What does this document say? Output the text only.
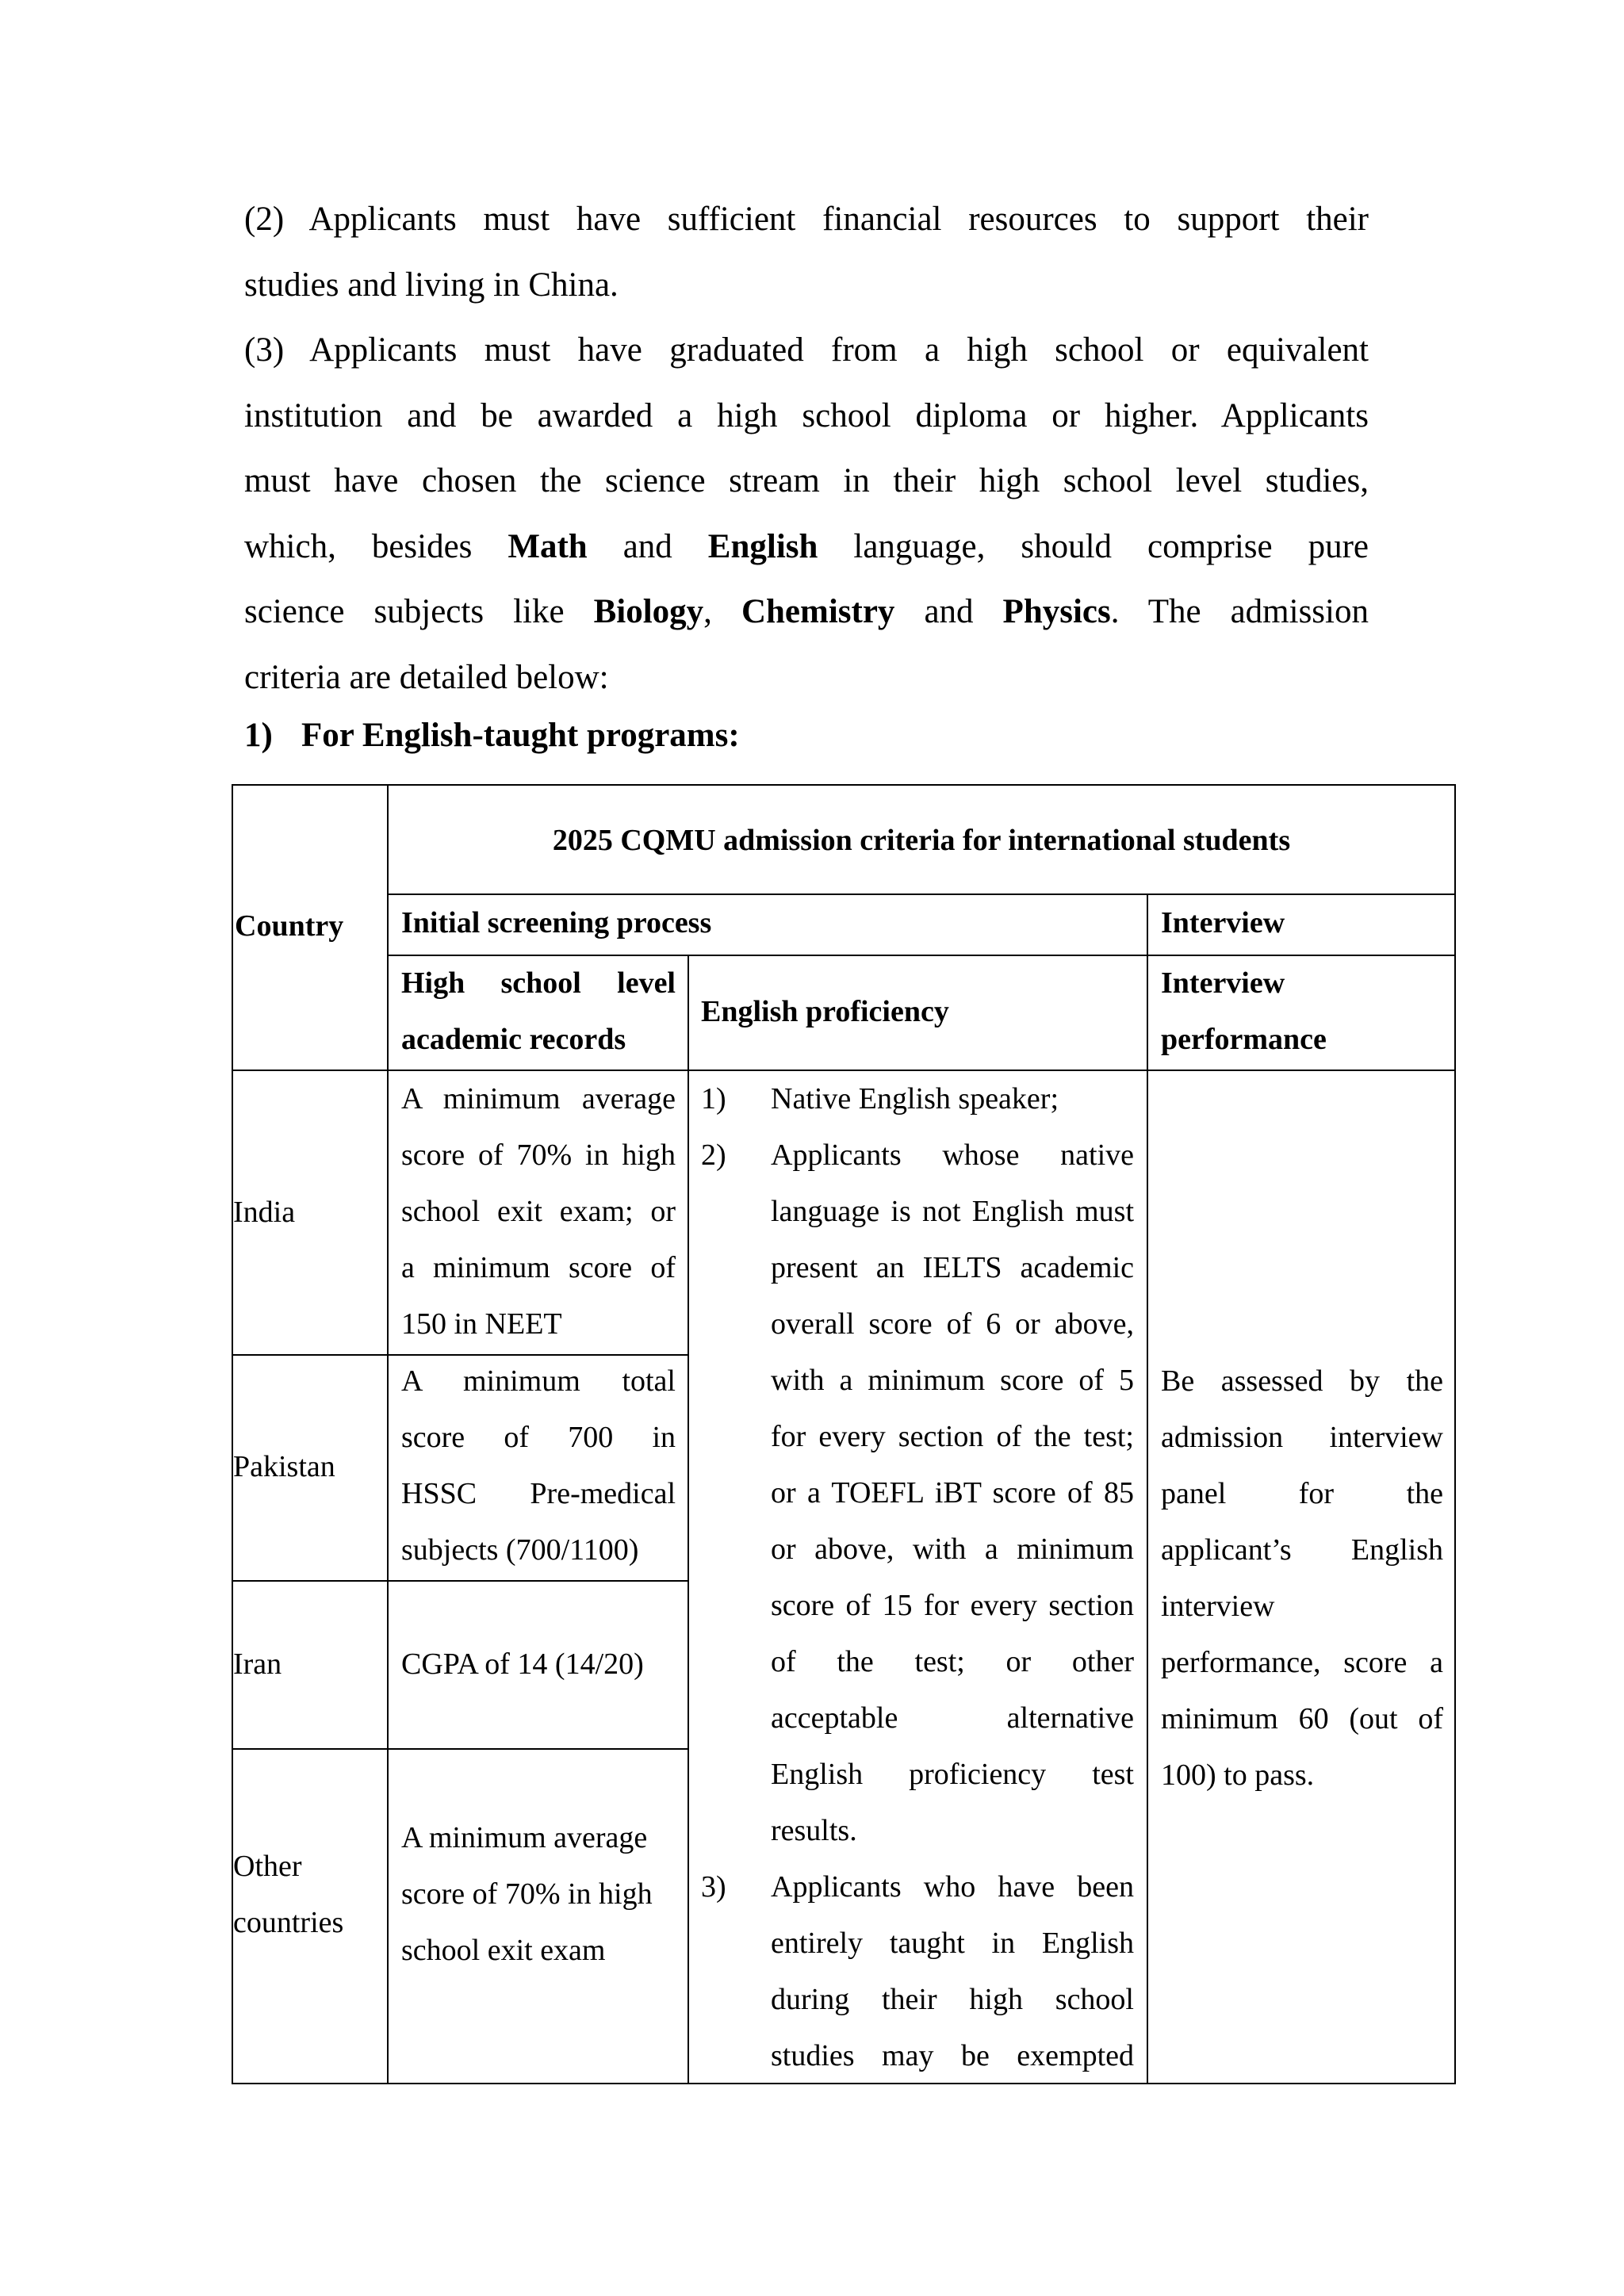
(2) Applicants must have sufficient financial resources to support their
studies and living in China.
(3) Applicants must have graduated from a high school or equivalent
institution and be awarded a high school diploma or higher. Applicants
must have chosen the science stream in their high school level studies,
which, besides Math and English language, should comprise pure
science subjects like Biology, Chemistry and Physics. The admission
criteria are detailed below:
1) For English-taught programs:
Country
2025 CQMU admission criteria for international students
Initial screening process	Interview
High school level
academic records
English proficiency
Interview
performance
India
A minimum average
score of 70% in high
school exit exam; or
a minimum score of
150 in NEET
Pakistan
A minimum total
score of 700 in
HSSC Pre-medical
subjects (700/1100)
Iran	CGPA of 14 (14/20)
Other
countries
A minimum average
score of 70% in high
school exit exam
1) Native English speaker;
2) Applicants whose native
language is not English must
present an IELTS academic
overall score of 6 or above,
with a minimum score of 5
for every section of the test;
or a TOEFL iBT score of 85
or above, with a minimum
score of 15 for every section
of the test; or other
acceptable alternative
English proficiency test
results.
3) Applicants who have been
entirely taught in English
during their high school
studies may be exempted
Be assessed by the
admission interview
panel for the
applicant’s English
interview
performance, score a
minimum 60 (out of
100) to pass.
